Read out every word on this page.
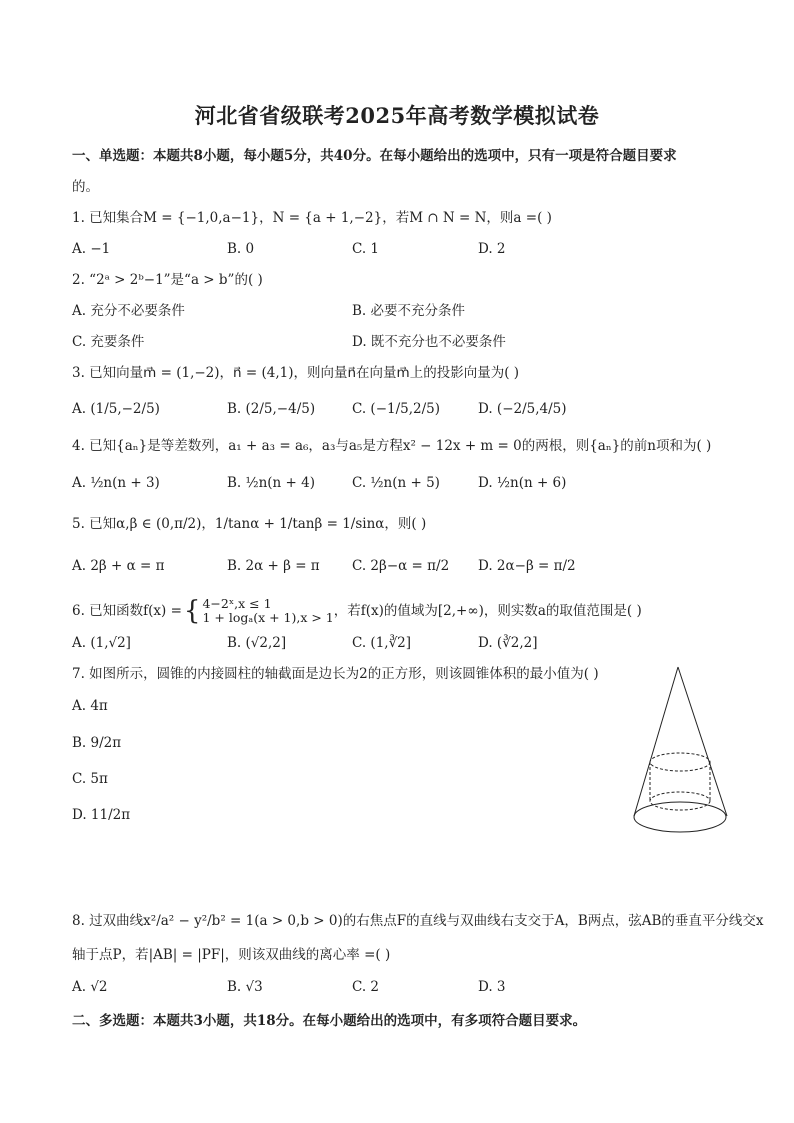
河北省省级联考2025年高考数学模拟试卷
一、单选题：本题共8小题，每小题5分，共40分。在每小题给出的选项中，只有一项是符合题目要求
的。
1. 已知集合M = {−1,0,a−1}，N = {a + 1,−2}，若M ∩ N = N，则a =( )
A. −1	B. 0	C. 1	D. 2
2. “2ᵃ > 2ᵇ−1”是“a > b”的( )
A. 充分不必要条件	B. 必要不充分条件
C. 充要条件	D. 既不充分也不必要条件
3. 已知向量m⃗ = (1,−2)，n⃗ = (4,1)，则向量n⃗在向量m⃗上的投影向量为( )
A. (1/5,−2/5)	B. (2/5,−4/5)	C. (−1/5,2/5)	D. (−2/5,4/5)
4. 已知{aₙ}是等差数列，a₁ + a₃ = a₆，a₃与a₅是方程x² − 12x + m = 0的两根，则{aₙ}的前n项和为( )
A. ½n(n + 3)	B. ½n(n + 4)	C. ½n(n + 5)	D. ½n(n + 6)
5. 已知α,β ∈ (0,π/2)，1/tanα + 1/tanβ = 1/sinα，则( )
A. 2β + α = π	B. 2α + β = π C. 2β−α = π/2 D. 2α−β = π/2
6. 已知函数f(x) = { 4−2ˣ,x ≤ 1
1 + logₐ(x + 1),x > 1 ，若f(x)的值域为[2,+∞)，则实数a的取值范围是( )
A. (1,√2]	B. (√2,2]	C. (1,∛2]	D. (∛2,2]
7. 如图所示，圆锥的内接圆柱的轴截面是边长为2的正方形，则该圆锥体积的最小值为( )
A. 4π
B. 9/2π
C. 5π
D. 11/2π
8. 过双曲线x²/a² − y²/b² = 1(a > 0,b > 0)的右焦点F的直线与双曲线右支交于A，B两点，弦AB的垂直平分线交x
轴于点P，若|AB| = |PF|，则该双曲线的离心率 =( )
A. √2	B. √3	C. 2	D. 3
二、多选题：本题共3小题，共18分。在每小题给出的选项中，有多项符合题目要求。
